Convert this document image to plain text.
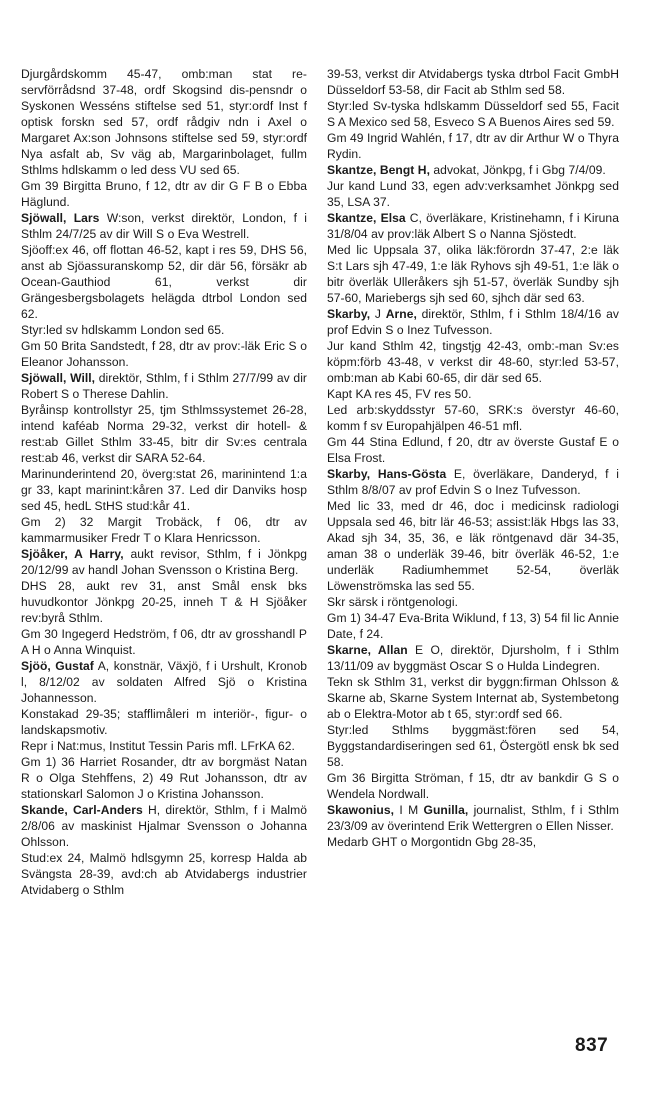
Djurgårdskomm 45-47, omb:man stat re-servförrådsnd 37-48, ordf Skogsind dis-pensndr o Syskonen Wesséns stiftelse sed 51, styr:ordf Inst f optisk forskn sed 57, ordf rådgiv ndn i Axel o Margaret Ax:son Johnsons stiftelse sed 59, styr:ordf Nya asfalt ab, Sv väg ab, Margarinbolaget, fullm Sthlms hdlskamm o led dess VU sed 65.
Gm 39 Birgitta Bruno, f 12, dtr av dir G F B o Ebba Häglund.
Sjöwall, Lars W:son, verkst direktör, London, f i Sthlm 24/7/25 av dir Will S o Eva Westrell.
Sjöoff:ex 46, off flottan 46-52, kapt i res 59, DHS 56, anst ab Sjöassuranskomp 52, dir där 56, försäkr ab Ocean-Gauthiod 61, verkst dir Grängesbergsbolagets helägda dtrbol London sed 62.
Styr:led sv hdlskamm London sed 65.
Gm 50 Brita Sandstedt, f 28, dtr av prov:-läk Eric S o Eleanor Johansson.
Sjöwall, Will, direktör, Sthlm, f i Sthlm 27/7/99 av dir Robert S o Therese Dahlin.
Byråinsp kontrollstyr 25, tjm Sthlmssystemet 26-28, intend kaféab Norma 29-32, verkst dir hotell- & rest:ab Gillet Sthlm 33-45, bitr dir Sv:es centrala rest:ab 46, verkst dir SARA 52-64.
Marinunderintend 20, överg:stat 26, marinintend 1:a gr 33, kapt marinint:kåren 37. Led dir Danviks hosp sed 45, hedL StHS stud:kår 41.
Gm 2) 32 Margit Trobäck, f 06, dtr av kammarmusiker Fredr T o Klara Henricsson.
Sjöåker, A Harry, aukt revisor, Sthlm, f i Jönkpg 20/12/99 av handl Johan Svensson o Kristina Berg.
DHS 28, aukt rev 31, anst Smål ensk bks huvudkontor Jönkpg 20-25, inneh T & H Sjöåker rev:byrå Sthlm.
Gm 30 Ingegerd Hedström, f 06, dtr av grosshandl P A H o Anna Winquist.
Sjöö, Gustaf A, konstnär, Växjö, f i Urshult, Kronob l, 8/12/02 av soldaten Alfred Sjö o Kristina Johannesson.
Konstakad 29-35; stafflimåleri m interiör-, figur- o landskapsmotiv.
Repr i Nat:mus, Institut Tessin Paris mfl. LFrKA 62.
Gm 1) 36 Harriet Rosander, dtr av borgmäst Natan R o Olga Stehffens, 2) 49 Rut Johansson, dtr av stationskarl Salomon J o Kristina Johansson.
Skande, Carl-Anders H, direktör, Sthlm, f i Malmö 2/8/06 av maskinist Hjalmar Svensson o Johanna Ohlsson.
Stud:ex 24, Malmö hdlsgymn 25, korresp Halda ab Svängsta 28-39, avd:ch ab Atvidabergs industrier Atvidaberg o Sthlm
39-53, verkst dir Atvidabergs tyska dtrbol Facit GmbH Düsseldorf 53-58, dir Facit ab Sthlm sed 58.
Styr:led Sv-tyska hdlskamm Düsseldorf sed 55, Facit S A Mexico sed 58, Esveco S A Buenos Aires sed 59.
Gm 49 Ingrid Wahlén, f 17, dtr av dir Arthur W o Thyra Rydin.
Skantze, Bengt H, advokat, Jönkpg, f i Gbg 7/4/09.
Jur kand Lund 33, egen adv:verksamhet Jönkpg sed 35, LSA 37.
Skantze, Elsa C, överläkare, Kristinehamn, f i Kiruna 31/8/04 av prov:läk Albert S o Nanna Sjöstedt.
Med lic Uppsala 37, olika läk:förordn 37-47, 2:e läk S:t Lars sjh 47-49, 1:e läk Ryhovs sjh 49-51, 1:e läk o bitr överläk Ulleråkers sjh 51-57, överläk Sundby sjh 57-60, Mariebergs sjh sed 60, sjhch där sed 63.
Skarby, J Arne, direktör, Sthlm, f i Sthlm 18/4/16 av prof Edvin S o Inez Tufvesson.
Jur kand Sthlm 42, tingstjg 42-43, omb:-man Sv:es köpm:förb 43-48, v verkst dir 48-60, styr:led 53-57, omb:man ab Kabi 60-65, dir där sed 65.
Kapt KA res 45, FV res 50.
Led arb:skyddsstyr 57-60, SRK:s överstyr 46-60, komm f sv Europahjälpen 46-51 mfl.
Gm 44 Stina Edlund, f 20, dtr av överste Gustaf E o Elsa Frost.
Skarby, Hans-Gösta E, överläkare, Danderyd, f i Sthlm 8/8/07 av prof Edvin S o Inez Tufvesson.
Med lic 33, med dr 46, doc i medicinsk radiologi Uppsala sed 46, bitr lär 46-53; assist:läk Hbgs las 33, Akad sjh 34, 35, 36, e läk röntgenavd där 34-35, aman 38 o underläk 39-46, bitr överläk 46-52, 1:e underläk Radiumhemmet 52-54, överläk Löwenströmska las sed 55.
Skr särsk i röntgenologi.
Gm 1) 34-47 Eva-Brita Wiklund, f 13, 3) 54 fil lic Annie Date, f 24.
Skarne, Allan E O, direktör, Djursholm, f i Sthlm 13/11/09 av byggmäst Oscar S o Hulda Lindegren.
Tekn sk Sthlm 31, verkst dir byggn:firman Ohlsson & Skarne ab, Skarne System Internat ab, Systembetong ab o Elektra-Motor ab t 65, styr:ordf sed 66.
Styr:led Sthlms byggmäst:fören sed 54, Byggstandardiseringen sed 61, Östergötl ensk bk sed 58.
Gm 36 Birgitta Ströman, f 15, dtr av bankdir G S o Wendela Nordwall.
Skawonius, I M Gunilla, journalist, Sthlm, f i Sthlm 23/3/09 av överintend Erik Wettergren o Ellen Nisser.
Medarb GHT o Morgontidn Gbg 28-35,
837
